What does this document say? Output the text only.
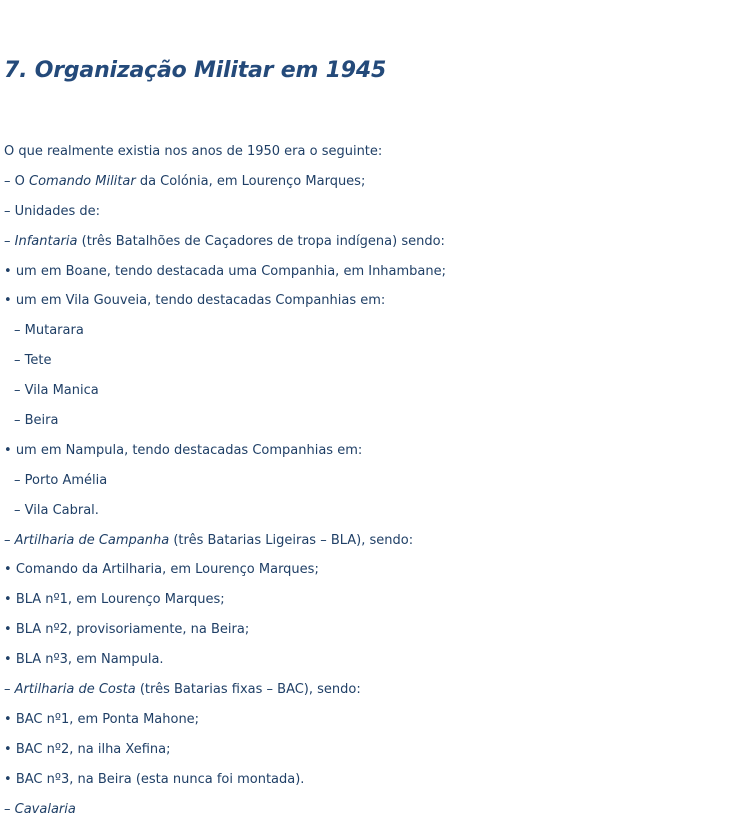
7. Organização Militar em 1945
O que realmente existia nos anos de 1950 era o seguinte:
– O Comando Militar da Colónia, em Lourenço Marques;
– Unidades de:
– Infantaria (três Batalhões de Caçadores de tropa indígena) sendo:
• um em Boane, tendo destacada uma Companhia, em Inhambane;
• um em Vila Gouveia, tendo destacadas Companhias em:
– Mutarara
– Tete
– Vila Manica
– Beira
• um em Nampula, tendo destacadas Companhias em:
– Porto Amélia
– Vila Cabral.
– Artilharia de Campanha (três Batarias Ligeiras – BLA), sendo:
• Comando da Artilharia, em Lourenço Marques;
• BLA nº1, em Lourenço Marques;
• BLA nº2, provisoriamente, na Beira;
• BLA nº3, em Nampula.
– Artilharia de Costa (três Batarias fixas – BAC), sendo:
• BAC nº1, em Ponta Mahone;
• BAC nº2, na ilha Xefina;
• BAC nº3, na Beira (esta nunca foi montada).
– Cavalaria
